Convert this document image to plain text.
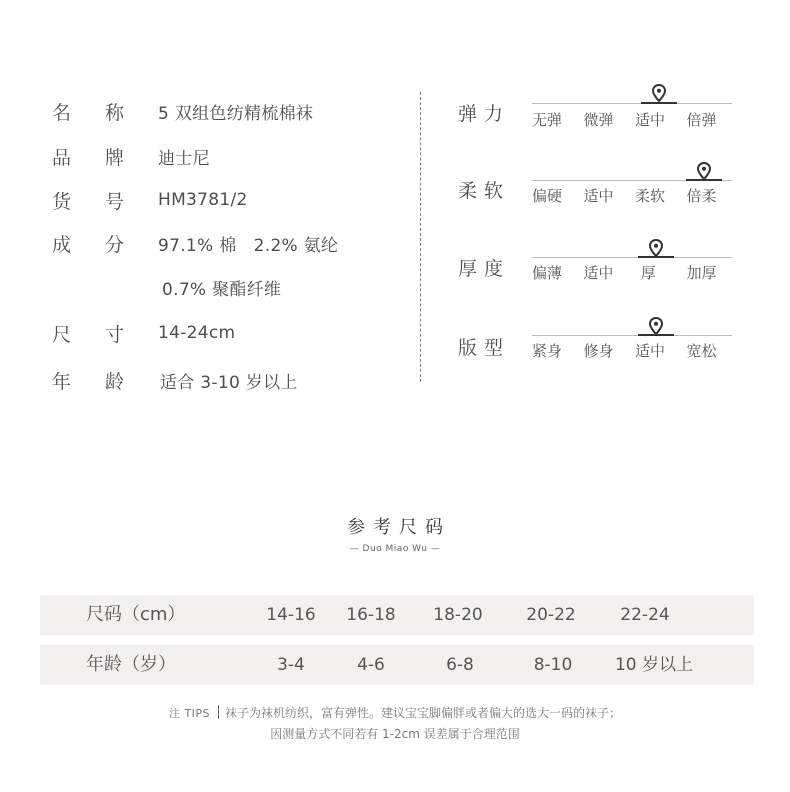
名 称 5 双组色纺精梳棉袜
品 牌 迪士尼
货 号 HM3781/2
成 分 97.1% 棉   2.2% 氨纶
0.7% 聚酯纤维
尺 寸 14-24cm
年 龄 适合 3-10 岁以上
弹力 无弹	微弹	适中	倍弹
柔软 偏硬	适中	柔软	倍柔
厚度 偏薄	适中	厚	加厚
版型 紧身	修身	适中	宽松
参考尺码
— Duo Miao Wu —
尺码（cm）	14-16 16-18 18-20	20-22	22-24
年龄（岁）	3-4	4-6	6-8	8-10	10 岁以上
注 TIPS 袜子为袜机纺织，富有弹性。建议宝宝脚偏胖或者偏大的选大一码的袜子；
因测量方式不同若有 1-2cm 误差属于合理范围
